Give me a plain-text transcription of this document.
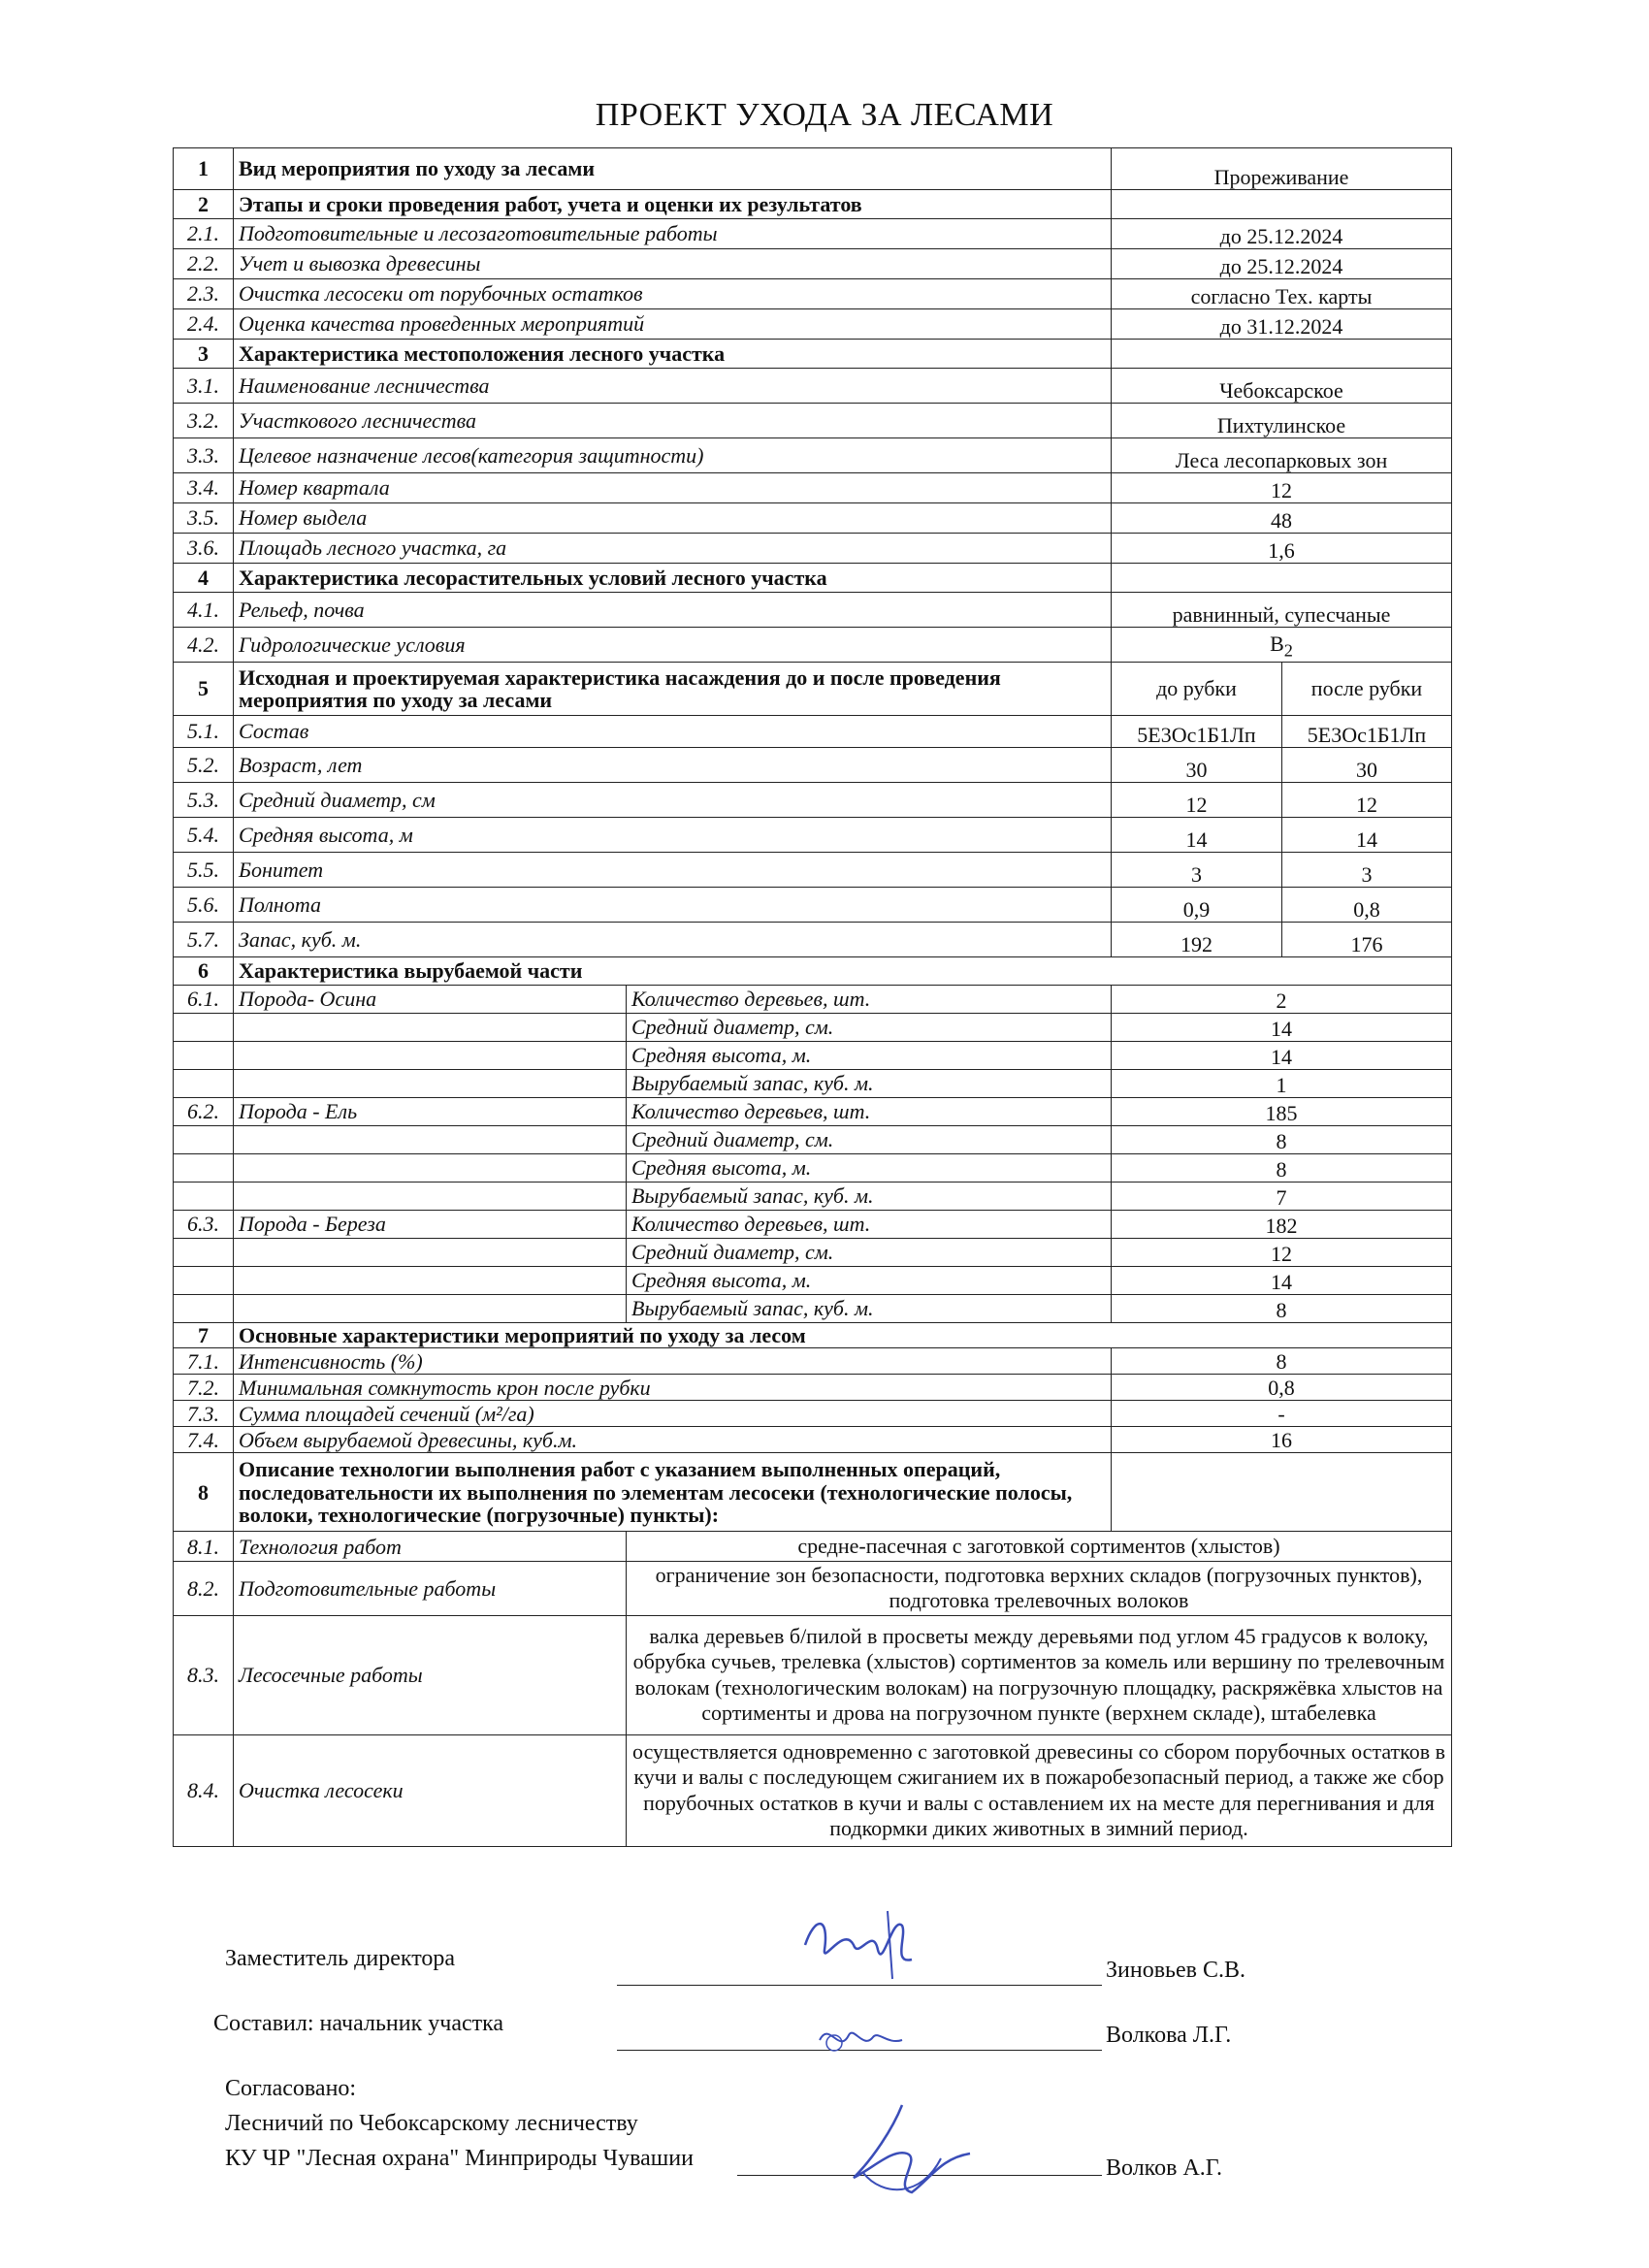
ПРОЕКТ УХОДА ЗА ЛЕСАМИ
1	Вид мероприятия по уходу за лесами		Прореживание	
2	Этапы и сроки проведения работ, учета и оценки их результатов			
2.1.	Подготовительные и лесозаготовительные работы		до 25.12.2024	
2.2.	Учет и вывозка древесины		до 25.12.2024	
2.3.	Очистка лесосеки от порубочных остатков		согласно Тех. карты	
2.4.	Оценка качества проведенных мероприятий		до 31.12.2024	
3	Характеристика местоположения лесного участка			
3.1.	Наименование лесничества		Чебоксарское	
3.2.	Участкового лесничества		Пихтулинское	
3.3.	Целевое назначение лесов(категория защитности)		Леса лесопарковых зон	
3.4.	Номер квартала		12	
3.5.	Номер выдела		48	
3.6.	Площадь лесного участка, га		1,6	
4	Характеристика лесорастительных условий лесного участка			
4.1.	Рельеф, почва		равнинный, супесчаные	
4.2.	Гидрологические условия		$B_2$
5	Исходная и проектируемая характеристика насаждения до и после проведения мероприятия по уходу за лесами		до рубки	после рубки
5.1.	Состав		5Е3Ос1Б1Лп	5Е3Ос1Б1Лп
5.2.	Возраст, лет		30	30
5.3.	Средний диаметр, см		12	12
5.4.	Средняя высота, м		14	14
5.5.	Бонитет		3	3
5.6.	Полнота		0,9	0,8
5.7.	Запас, куб. м.		192	176
6	Характеристика вырубаемой части			
6.1.	Порода- Осина	Количество деревьев, шт.	2	
		Средний диаметр, см.	14	
		Средняя высота, м.	14	
		Вырубаемый запас, куб. м.	1	
6.2.	Порода - Ель	Количество деревьев, шт.	185	
		Средний диаметр, см.	8	
		Средняя высота, м.	8	
		Вырубаемый запас, куб. м.	7	
6.3.	Порода - Береза	Количество деревьев, шт.	182	
		Средний диаметр, см.	12	
		Средняя высота, м.	14	
		Вырубаемый запас, куб. м.	8	
7	Основные характеристики мероприятий по уходу за лесом			
7.1.	Интенсивность (%)		8	
7.2.	Минимальная сомкнутость крон после рубки		0,8	
7.3.	Сумма площадей сечений (м²/га)		-	
7.4.	Объем вырубаемой древесины, куб.м.		16	
8	Описание технологии выполнения работ с указанием выполненных операций, последовательности их выполнения по элементам лесосеки (технологические полосы, волоки, технологические (погрузочные) пункты):			
8.1.	Технология работ	средне-пасечная с заготовкой сортиментов (хлыстов)		
8.2.	Подготовительные работы	ограничение зон безопасности, подготовка верхних складов (погрузочных пунктов), подготовка трелевочных волоков		
8.3.	Лесосечные работы	валка деревьев б/пилой в просветы между деревьями под углом 45 градусов к волоку, обрубка сучьев, трелевка (хлыстов) сортиментов за комель или вершину по трелевочным волокам (технологическим волокам) на погрузочную площадку, раскряжёвка хлыстов на сортименты и дрова на погрузочном пункте (верхнем складе), штабелевка		
8.4.	Очистка лесосеки	осуществляется одновременно с заготовкой древесины со сбором порубочных остатков в кучи и валы с последующем сжиганием их в пожаробезопасный период, а также же сбор порубочных остатков в кучи и валы с оставлением их на месте для перегнивания и для подкормки диких животных в зимний период.		
Заместитель директора	Зиновьев С.В.
Составил: начальник участка	Волкова Л.Г.
Согласовано:
Лесничий по Чебоксарскому лесничеству
КУ ЧР "Лесная охрана" Минприроды Чувашии	Волков А.Г.
